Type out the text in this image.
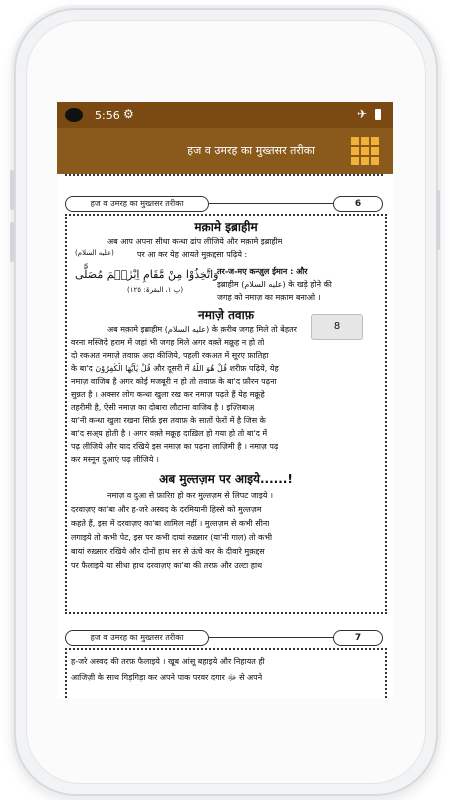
5:56 ⚙	✈
हज व उमरह का मुख्तसर तरीका
हज व उमरह का मुख्तसर तरीका	6
मक़ामे इब्राहीम
अब आप अपना सीधा कन्धा ढांप लीजिये और मक़ामे इब्राहीम
पर आ कर येह आयते मुक़द्दसा पढ़िये :
(عليه السلام)
وَاتَّخِذُوْا مِنْ مَّقَامِ اِبْرٰهٖمَ مُصَلًّى
(پ ١، البقرۃ: ١٢٥)
तर-ज-मए कन्ज़ुल ईमान : और
इब्राहीम (عليه السلام) के खड़े होने की
जगह को नमाज़ का मक़ाम बनाओ ।
नमाज़े तवाफ़
अब मक़ामे इब्राहीम (عليه السلام) के क़रीब जगह मिले तो बेहतर
वरना मस्जिदे हराम में जहां भी जगह मिले अगर वक़्ते मक्रूह न हो तो
दो रकअत नमाज़े तवाफ़ अदा कीजिये, पहली रकअत में सूरए फ़ातिहा
के बा'द قُلْ يٰاَيُّهَا الْكٰفِرُوْنَ और दूसरी में قُلْ هُوَ اللّٰهُ शरीफ़ पढ़िये, येह
नमाज़ वाजिब है अगर कोई मजबूरी न हो तो तवाफ़ के बा'द फ़ौरन पढ़ना
सुन्नत है । अक्सर लोग कन्धा खुला रख कर नमाज़ पढ़ते हैं येह मक्रूहे
तहरीमी है, ऐसी नमाज़ का दोबारा लौटाना वाजिब है । इज़्तिबाअ्
या'नी कन्धा खुला रखना सिर्फ़ इस तवाफ़ के सातों फेरों में है जिस के
बा'द सअ्य होती है । अगर वक़्ते मक्रूह दाख़िल हो गया हो तो बा'द में
पढ़ लीजिये और याद रखिये इस नमाज़ का पढ़ना लाज़िमी है । नमाज़ पढ़
कर मस्नून दुआएं पढ़ लीजिये ।
अब मुल्तज़म पर आइये......!
नमाज़ व दुआ से फ़ारिग़ हो कर मुल्तज़म से लिपट जाइये ।
दरवाज़ए का'बा और ह-जरे अस्वद के दरमियानी हिस्से को मुल्तज़म
कहते हैं, इस में दरवाज़ए का'बा शामिल नहीं । मुल्तज़म से कभी सीना
लगाइये तो कभी पेट, इस पर कभी दायां रुख़्सार (या'नी गाल) तो कभी
बायां रुख़्सार रखिये और दोनों हाथ सर से ऊंचे कर के दीवारे मुक़द्दस
पर फैलाइये या सीधा हाथ दरवाज़ए का'बा की तरफ़ और उल्टा हाथ
हज व उमरह का मुख्तसर तरीका	7
ह-जरे अस्वद की तरफ़ फैलाइये । खूब आंसू बहाइये और निहायत ही
आजिज़ी के साथ गिड़गिड़ा कर अपने पाक परवर दगार ﷻ से अपने
8
